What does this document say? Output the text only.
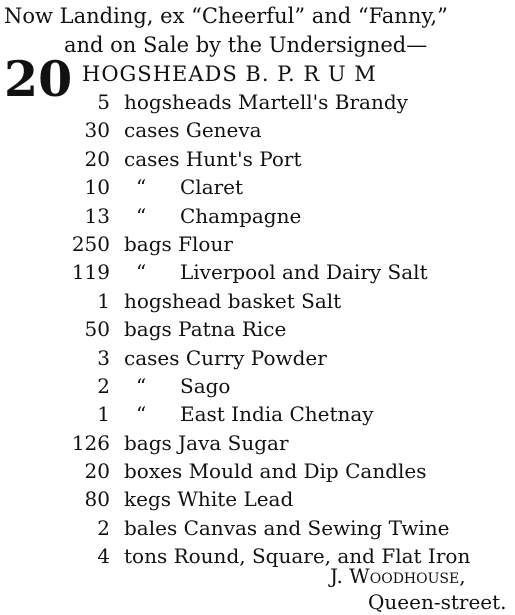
Now Landing, ex “Cheerful” and “Fanny,”
and on Sale by the Undersigned—
20 HOGSHEADS B. P. R U M
5 hogsheads Martell's Brandy
30 cases Geneva
20 cases Hunt's Port
10 “ Claret
13 “ Champagne
250 bags Flour
119 “ Liverpool and Dairy Salt
1 hogshead basket Salt
50 bags Patna Rice
3 cases Curry Powder
2 “ Sago
1 “ East India Chetnay
126 bags Java Sugar
20 boxes Mould and Dip Candles
80 kegs White Lead
2 bales Canvas and Sewing Twine
4 tons Round, Square, and Flat Iron
J. Woodhouse,
Queen-street.
